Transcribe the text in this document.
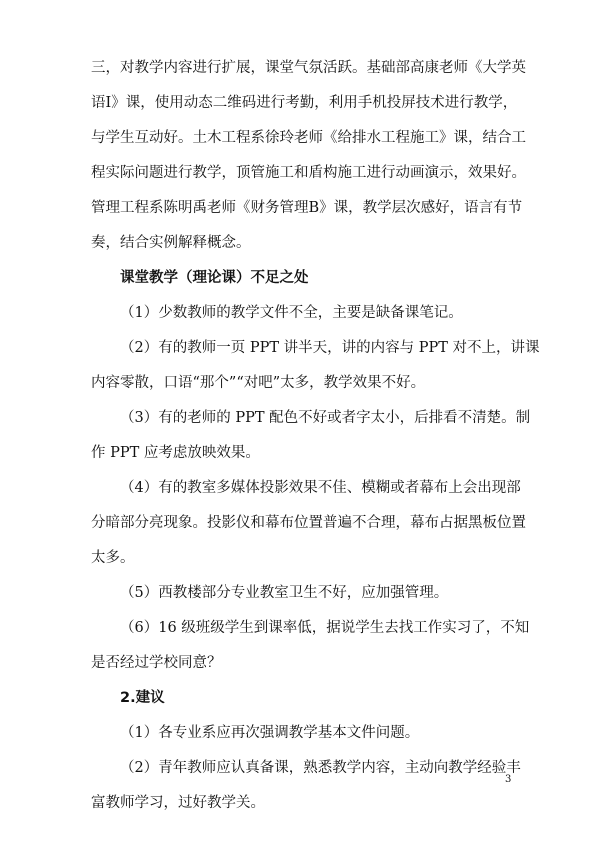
三，对教学内容进行扩展，课堂气氛活跃。基础部高康老师《大学英
语Ⅰ》课，使用动态二维码进行考勤，利用手机投屏技术进行教学，
与学生互动好。土木工程系徐玲老师《给排水工程施工》课，结合工
程实际问题进行教学，顶管施工和盾构施工进行动画演示，效果好。
管理工程系陈明禹老师《财务管理B》课，教学层次感好，语言有节
奏，结合实例解释概念。
课堂教学（理论课）不足之处
（1）少数教师的教学文件不全，主要是缺备课笔记。
（2）有的教师一页 PPT 讲半天，讲的内容与 PPT 对不上，讲课
内容零散，口语“那个”“对吧”太多，教学效果不好。
（3）有的老师的 PPT 配色不好或者字太小，后排看不清楚。制
作 PPT 应考虑放映效果。
（4）有的教室多媒体投影效果不佳、模糊或者幕布上会出现部
分暗部分亮现象。投影仪和幕布位置普遍不合理，幕布占据黑板位置
太多。
（5）西教楼部分专业教室卫生不好，应加强管理。
（6）16 级班级学生到课率低，据说学生去找工作实习了，不知
是否经过学校同意？
2.建议
（1）各专业系应再次强调教学基本文件问题。
（2）青年教师应认真备课，熟悉教学内容，主动向教学经验丰
富教师学习，过好教学关。
3
